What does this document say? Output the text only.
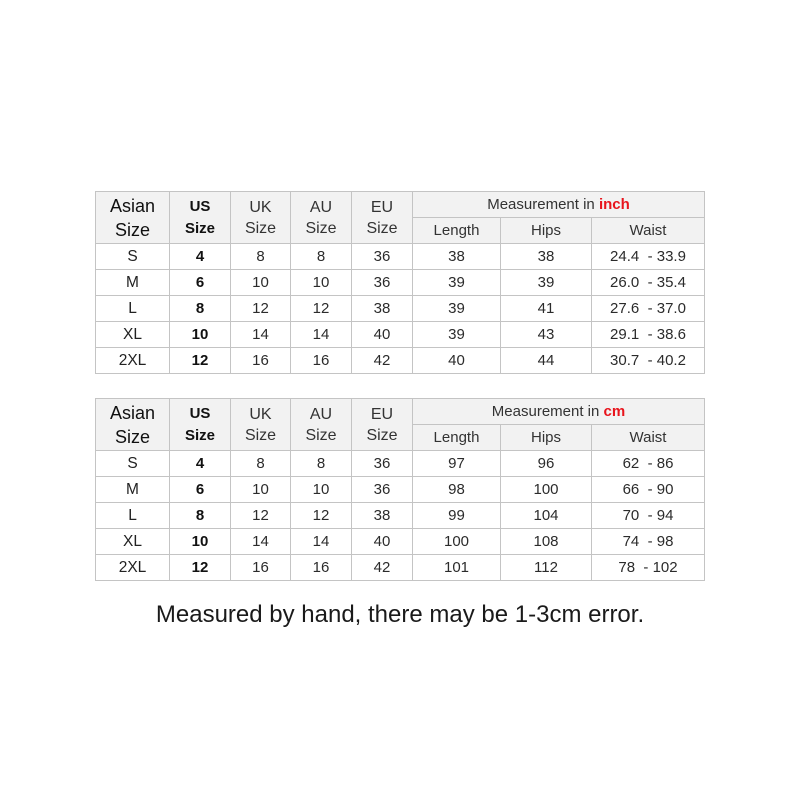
Asian
Size
US
Size
UK
Size
AU
Size
EU
Size
Measurement in inch
Length	Hips	Waist
S	4	8	8	36	38	38	24.4  - 33.9
M	6	10	10	36	39	39	26.0  - 35.4
L	8	12	12	38	39	41	27.6  - 37.0
XL	10	14	14	40	39	43	29.1  - 38.6
2XL	12	16	16	42	40	44	30.7  - 40.2
Asian
Size
US
Size
UK
Size
AU
Size
EU
Size
Measurement in cm
Length	Hips	Waist
S	4	8	8	36	97	96	62  - 86
M	6	10	10	36	98	100	66  - 90
L	8	12	12	38	99	104	70  - 94
XL	10	14	14	40	100	108	74  - 98
2XL	12	16	16	42	101	112	78  - 102
Measured by hand, there may be 1-3cm error.
